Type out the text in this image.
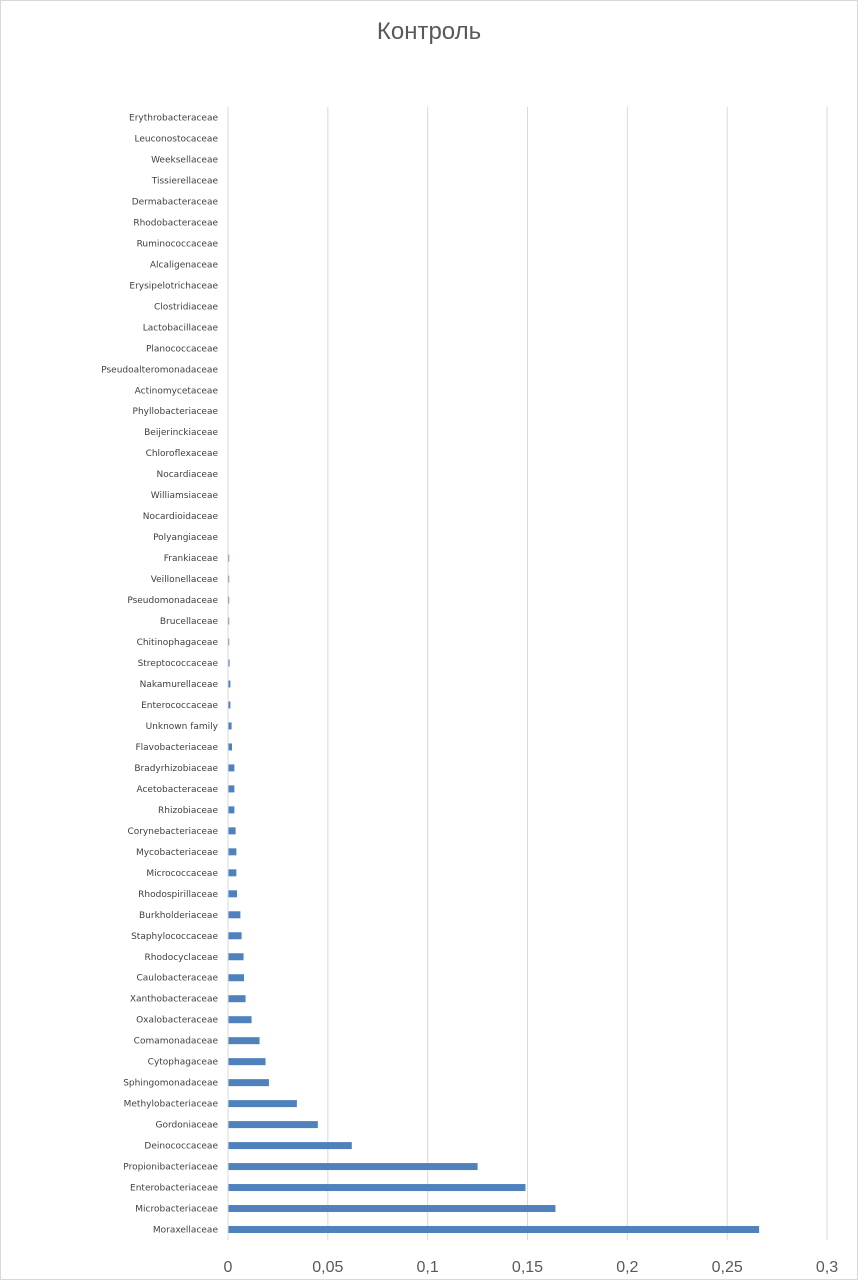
Контроль
Erythrobacteraceae
Leuconostocaceae
Weeksellaceae
Tissierellaceae
Dermabacteraceae
Rhodobacteraceae
Ruminococcaceae
Alcaligenaceae
Erysipelotrichaceae
Clostridiaceae
Lactobacillaceae
Planococcaceae
Pseudoalteromonadaceae
Actinomycetaceae
Phyllobacteriaceae
Beijerinckiaceae
Chloroflexaceae
Nocardiaceae
Williamsiaceae
Nocardioidaceae
Polyangiaceae
Frankiaceae
Veillonellaceae
Pseudomonadaceae
Brucellaceae
Chitinophagaceae
Streptococcaceae
Nakamurellaceae
Enterococcaceae
Unknown family
Flavobacteriaceae
Bradyrhizobiaceae
Acetobacteraceae
Rhizobiaceae
Corynebacteriaceae
Mycobacteriaceae
Micrococcaceae
Rhodospirillaceae
Burkholderiaceae
Staphylococcaceae
Rhodocyclaceae
Caulobacteraceae
Xanthobacteraceae
Oxalobacteraceae
Comamonadaceae
Cytophagaceae
Sphingomonadaceae
Methylobacteriaceae
Gordoniaceae
Deinococcaceae
Propionibacteriaceae
Enterobacteriaceae
Microbacteriaceae
Moraxellaceae
0	0,05	0,1	0,15	0,2	0,25	0,3
